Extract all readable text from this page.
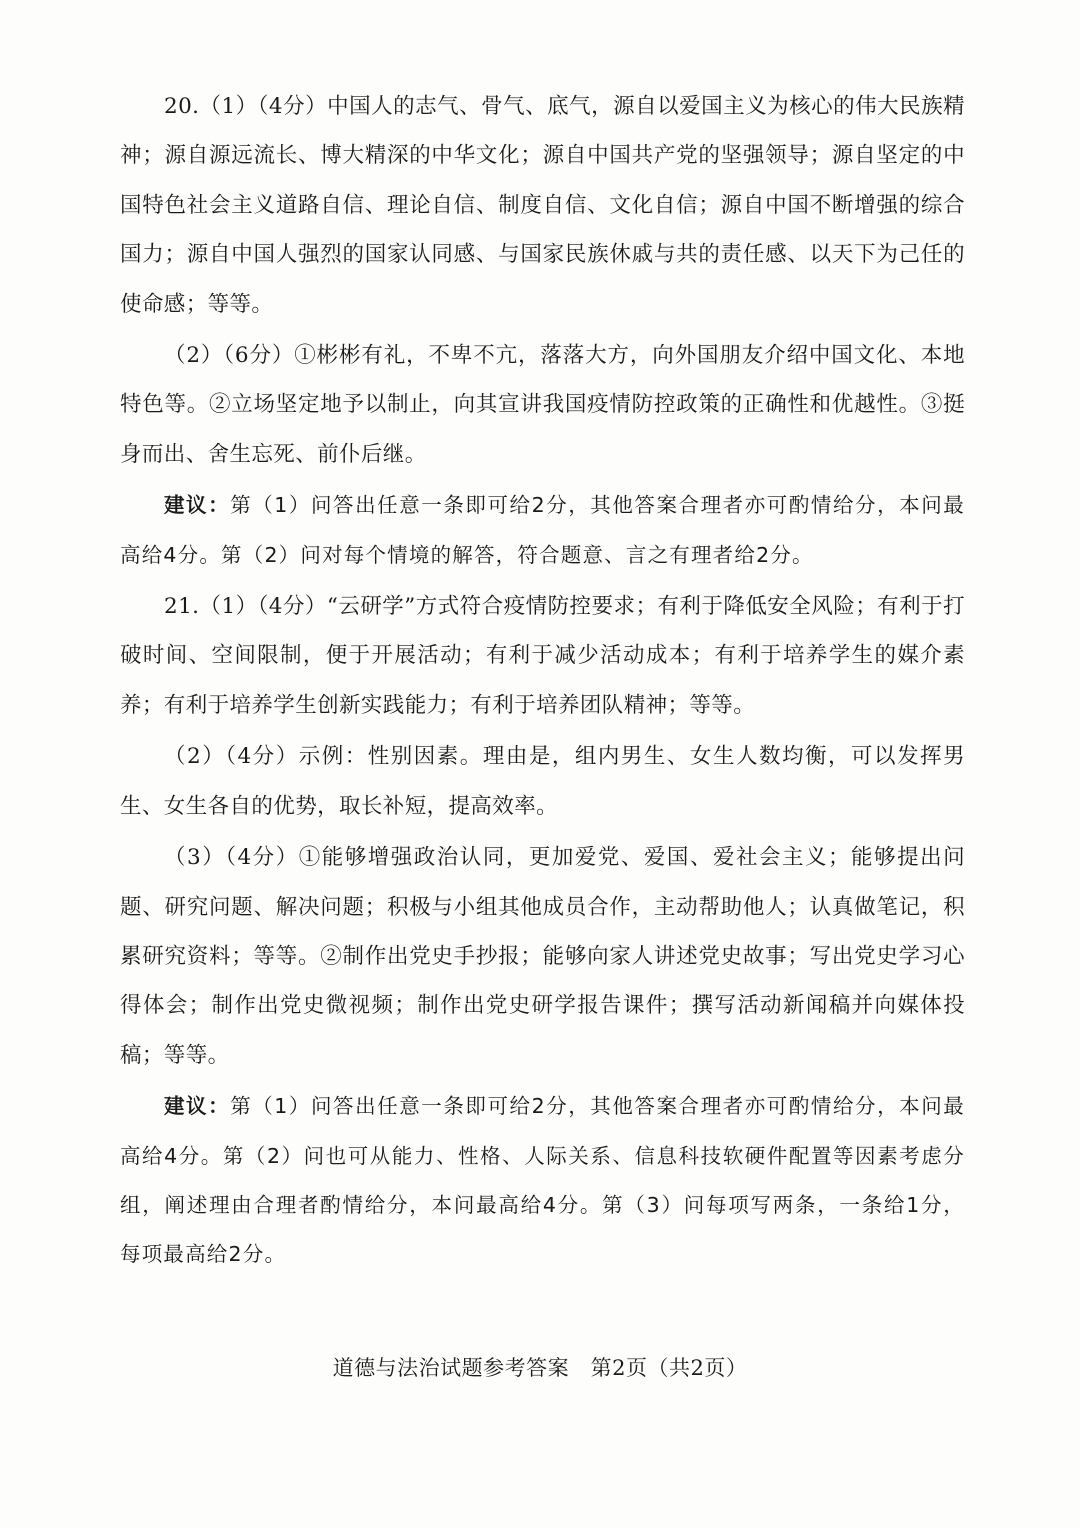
20.（1）（4分）中国人的志气、骨气、底气，源自以爱国主义为核心的伟大民族精神；源自源远流长、博大精深的中华文化；源自中国共产党的坚强领导；源自坚定的中国特色社会主义道路自信、理论自信、制度自信、文化自信；源自中国不断增强的综合国力；源自中国人强烈的国家认同感、与国家民族休戚与共的责任感、以天下为己任的使命感；等等。

（2）（6分）①彬彬有礼，不卑不亢，落落大方，向外国朋友介绍中国文化、本地特色等。②立场坚定地予以制止，向其宣讲我国疫情防控政策的正确性和优越性。③挺身而出、舍生忘死、前仆后继。

建议：第（1）问答出任意一条即可给2分，其他答案合理者亦可酌情给分，本问最高给4分。第（2）问对每个情境的解答，符合题意、言之有理者给2分。

21.（1）（4分）“云研学”方式符合疫情防控要求；有利于降低安全风险；有利于打破时间、空间限制，便于开展活动；有利于减少活动成本；有利于培养学生的媒介素养；有利于培养学生创新实践能力；有利于培养团队精神；等等。

（2）（4分）示例：性别因素。理由是，组内男生、女生人数均衡，可以发挥男生、女生各自的优势，取长补短，提高效率。

（3）（4分）①能够增强政治认同，更加爱党、爱国、爱社会主义；能够提出问题、研究问题、解决问题；积极与小组其他成员合作，主动帮助他人；认真做笔记，积累研究资料；等等。②制作出党史手抄报；能够向家人讲述党史故事；写出党史学习心得体会；制作出党史微视频；制作出党史研学报告课件；撰写活动新闻稿并向媒体投稿；等等。

建议：第（1）问答出任意一条即可给2分，其他答案合理者亦可酌情给分，本问最高给4分。第（2）问也可从能力、性格、人际关系、信息科技软硬件配置等因素考虑分组，阐述理由合理者酌情给分，本问最高给4分。第（3）问每项写两条，一条给1分，每项最高给2分。

道德与法治试题参考答案　第2页（共2页）
